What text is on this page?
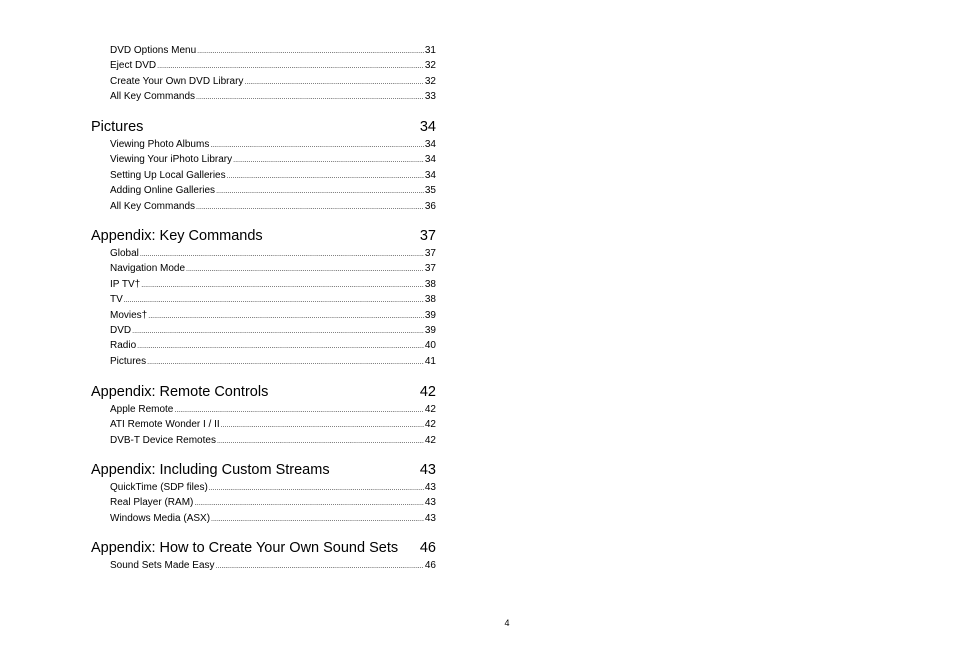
DVD Options Menu .....	31
Eject DVD .....	32
Create Your Own DVD Library .....	32
All Key Commands .....	33
Pictures	34
Viewing Photo Albums .....	34
Viewing Your iPhoto Library .....	34
Setting Up Local Galleries .....	34
Adding Online Galleries .....	35
All Key Commands .....	36
Appendix: Key Commands	37
Global .....	37
Navigation Mode .....	37
IP TV† .....	38
TV .....	38
Movies† .....	39
DVD .....	39
Radio .....	40
Pictures .....	41
Appendix: Remote Controls	42
Apple Remote .....	42
ATI Remote Wonder I / II .....	42
DVB-T Device Remotes .....	42
Appendix: Including Custom Streams	43
QuickTime (SDP files) .....	43
Real Player (RAM) .....	43
Windows Media (ASX) .....	43
Appendix: How to Create Your Own Sound Sets 46
Sound Sets Made Easy .....	46
4
